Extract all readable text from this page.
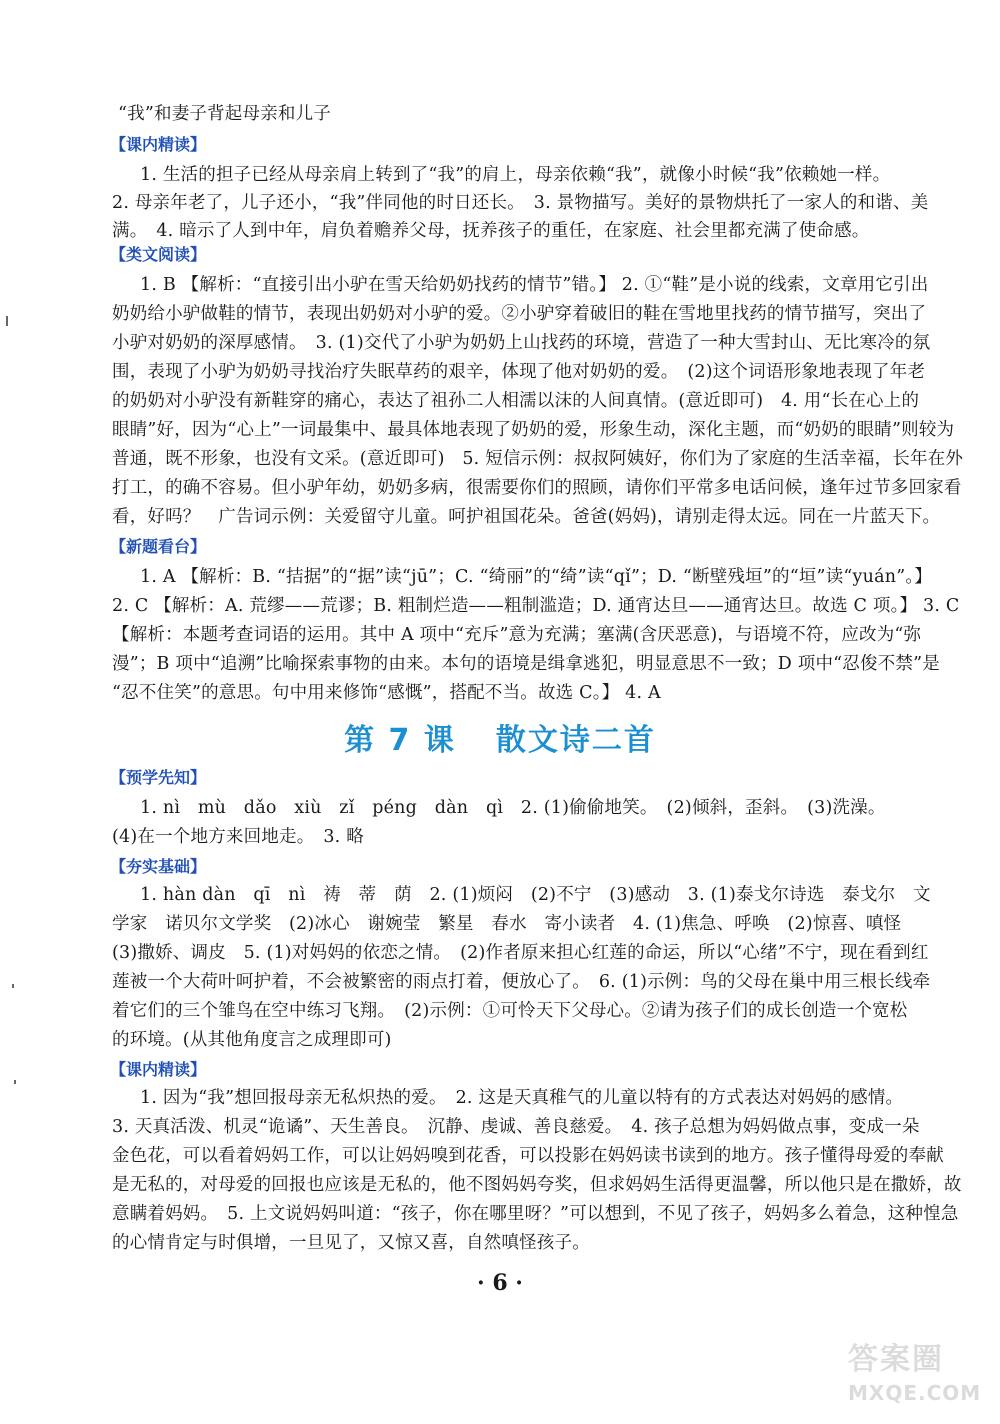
“我”和妻子背起母亲和儿子
【课内精读】
1. 生活的担子已经从母亲肩上转到了“我”的肩上，母亲依赖“我”，就像小时候“我”依赖她一样。
2. 母亲年老了，儿子还小，“我”伴同他的时日还长。　3. 景物描写。美好的景物烘托了一家人的和谐、美
满。　4. 暗示了人到中年，肩负着赡养父母，抚养孩子的重任，在家庭、社会里都充满了使命感。
【类文阅读】
1. B 【解析：“直接引出小驴在雪天给奶奶找药的情节”错。】 2. ①“鞋”是小说的线索，文章用它引出
奶奶给小驴做鞋的情节，表现出奶奶对小驴的爱。②小驴穿着破旧的鞋在雪地里找药的情节描写，突出了
小驴对奶奶的深厚感情。　3. (1)交代了小驴为奶奶上山找药的环境，营造了一种大雪封山、无比寒冷的氛
围，表现了小驴为奶奶寻找治疗失眠草药的艰辛，体现了他对奶奶的爱。　(2)这个词语形象地表现了年老
的奶奶对小驴没有新鞋穿的痛心，表达了祖孙二人相濡以沫的人间真情。(意近即可)　4. 用“长在心上的
眼睛”好，因为“心上”一词最集中、最具体地表现了奶奶的爱，形象生动，深化主题，而“奶奶的眼睛”则较为
普通，既不形象，也没有文采。(意近即可)　5. 短信示例：叔叔阿姨好，你们为了家庭的生活幸福，长年在外
打工，的确不容易。但小驴年幼，奶奶多病，很需要你们的照顾，请你们平常多电话问候，逢年过节多回家看
看，好吗？　广告词示例：关爱留守儿童。呵护祖国花朵。爸爸(妈妈)，请别走得太远。同在一片蓝天下。
【新题看台】
1. A 【解析：B. “拮据”的“据”读“jū”；C. “绮丽”的“绮”读“qǐ”；D. “断壁残垣”的“垣”读“yuán”。】
2. C 【解析：A. 荒缪——荒谬；B. 粗制烂造——粗制滥造；D. 通宵达旦——通宵达旦。故选 C 项。】 3. C
【解析：本题考查词语的运用。其中 A 项中“充斥”意为充满；塞满(含厌恶意)，与语境不符，应改为“弥
漫”；B 项中“追溯”比喻探索事物的由来。本句的语境是缉拿逃犯，明显意思不一致；D 项中“忍俊不禁”是
“忍不住笑”的意思。句中用来修饰“感慨”，搭配不当。故选 C。】 4. A
第 7 课 散文诗二首
【预学先知】
1. nì　mù　dǎo　xiù　zǐ　péng　dàn　qì　2. (1)偷偷地笑。　(2)倾斜，歪斜。　(3)洗澡。
(4)在一个地方来回地走。　3. 略
【夯实基础】
1. hàn dàn　qī　nì　祷　蒂　荫　2. (1)烦闷　(2)不宁　(3)感动　3. (1)泰戈尔诗选　泰戈尔　文
学家　诺贝尔文学奖　(2)冰心　谢婉莹　繁星　春水　寄小读者　4. (1)焦急、呼唤　(2)惊喜、嗔怪
(3)撒娇、调皮　5. (1)对妈妈的依恋之情。　(2)作者原来担心红莲的命运，所以“心绪”不宁，现在看到红
莲被一个大荷叶呵护着，不会被繁密的雨点打着，便放心了。　6. (1)示例：鸟的父母在巢中用三根长线牵
着它们的三个雏鸟在空中练习飞翔。　(2)示例：①可怜天下父母心。②请为孩子们的成长创造一个宽松
的环境。(从其他角度言之成理即可)
【课内精读】
1. 因为“我”想回报母亲无私炽热的爱。　2. 这是天真稚气的儿童以特有的方式表达对妈妈的感情。
3. 天真活泼、机灵“诡谲”、天生善良。　沉静、虔诚、善良慈爱。　4. 孩子总想为妈妈做点事，变成一朵
金色花，可以看着妈妈工作，可以让妈妈嗅到花香，可以投影在妈妈读书读到的地方。孩子懂得母爱的奉献
是无私的，对母爱的回报也应该是无私的，他不图妈妈夸奖，但求妈妈生活得更温馨，所以他只是在撒娇，故
意瞒着妈妈。　5. 上文说妈妈叫道：“孩子，你在哪里呀？”可以想到，不见了孩子，妈妈多么着急，这种惶急
的心情肯定与时俱增，一旦见了，又惊又喜，自然嗔怪孩子。
· 6 ·
答案圈
MXQE.COM
